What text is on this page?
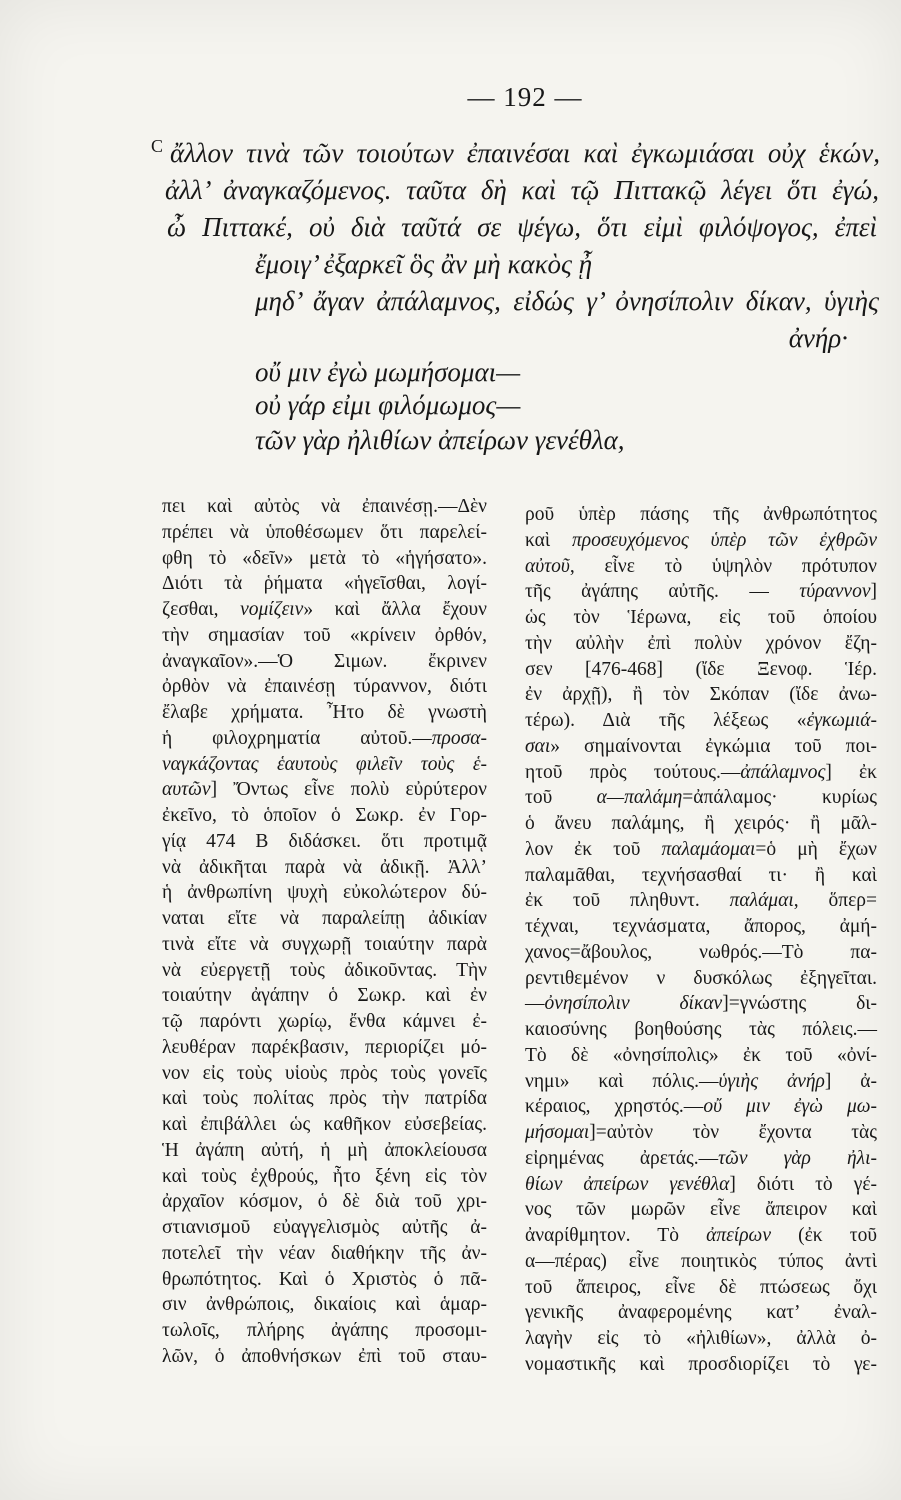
— 192 —
C ἄλλον τινὰ τῶν τοιούτων ἐπαινέσαι καὶ ἐγκωμιάσαι οὐχ ἑκών,
ἀλλ’ ἀναγκαζόμενος. ταῦτα δὴ καὶ τῷ Πιττακῷ λέγει ὅτι ἐγώ,
ὦ Πιττακέ, οὐ διὰ ταῦτά σε ψέγω, ὅτι εἰμὶ φιλόψογος, ἐπεὶ
ἔμοιγ’ ἐξαρκεῖ ὃς ἂν μὴ κακὸς ᾖ
μηδ’ ἄγαν ἀπάλαμνος, εἰδώς γ’ ὀνησίπολιν δίκαν, ὑγιὴς
ἀνήρ·
οὔ μιν ἐγὼ μωμήσομαι—
οὐ γάρ εἰμι φιλόμωμος—
τῶν γὰρ ἠλιθίων ἀπείρων γενέθλα,
πει καὶ αὐτὸς νὰ ἐπαινέσῃ.—Δὲν
πρέπει νὰ ὑποθέσωμεν ὅτι παρελεί-
φθη τὸ «δεῖν» μετὰ τὸ «ἡγήσατο».
Διότι τὰ ῥήματα «ἡγεῖσθαι, λογί-
ζεσθαι, νομίζειν» καὶ ἄλλα ἔχουν
τὴν σημασίαν τοῦ «κρίνειν ὀρθόν,
ἀναγκαῖον».—Ὁ Σιμων. ἔκρινεν
ὀρθὸν νὰ ἐπαινέσῃ τύραννον, διότι
ἔλαβε χρήματα. Ἦτο δὲ γνωστὴ
ἡ φιλοχρηματία αὐτοῦ.—προσα-
ναγκάζοντας ἑαυτοὺς φιλεῖν τοὺς ἑ-
αυτῶν] Ὄντως εἶνε πολὺ εὐρύτερον
ἐκεῖνο, τὸ ὁποῖον ὁ Σωκρ. ἐν Γορ-
γίᾳ 474 Β διδάσκει. ὅτι προτιμᾷ
νὰ ἀδικῆται παρὰ νὰ ἀδικῇ. Ἀλλ’
ἡ ἀνθρωπίνη ψυχὴ εὐκολώτερον δύ-
ναται εἴτε νὰ παραλείπῃ ἀδικίαν
τινὰ εἴτε νὰ συγχωρῇ τοιαύτην παρὰ
νὰ εὐεργετῇ τοὺς ἀδικοῦντας. Τὴν
τοιαύτην ἀγάπην ὁ Σωκρ. καὶ ἐν
τῷ παρόντι χωρίῳ, ἔνθα κάμνει ἐ-
λευθέραν παρέκβασιν, περιορίζει μό-
νον εἰς τοὺς υἱοὺς πρὸς τοὺς γονεῖς
καὶ τοὺς πολίτας πρὸς τὴν πατρίδα
καὶ ἐπιβάλλει ὡς καθῆκον εὐσεβείας.
Ἡ ἀγάπη αὐτή, ἡ μὴ ἀποκλείουσα
καὶ τοὺς ἐχθρούς, ἦτο ξένη εἰς τὸν
ἀρχαῖον κόσμον, ὁ δὲ διὰ τοῦ χρι-
στιανισμοῦ εὐαγγελισμὸς αὐτῆς ἀ-
ποτελεῖ τὴν νέαν διαθήκην τῆς ἀν-
θρωπότητος. Καὶ ὁ Χριστὸς ὁ πᾶ-
σιν ἀνθρώποις, δικαίοις καὶ ἁμαρ-
τωλοῖς, πλήρης ἀγάπης προσομι-
λῶν, ὁ ἀποθνήσκων ἐπὶ τοῦ σταυ-
ροῦ ὑπὲρ πάσης τῆς ἀνθρωπότητος
καὶ προσευχόμενος ὑπὲρ τῶν ἐχθρῶν
αὐτοῦ, εἶνε τὸ ὑψηλὸν πρότυπον
τῆς ἀγάπης αὐτῆς. — τύραννον]
ὡς τὸν Ἱέρωνα, εἰς τοῦ ὁποίου
τὴν αὐλὴν ἐπὶ πολὺν χρόνον ἔζη-
σεν [476-468] (ἴδε Ξενοφ. Ἱέρ.
ἐν ἀρχῇ), ἢ τὸν Σκόπαν (ἴδε ἀνω-
τέρω). Διὰ τῆς λέξεως «ἐγκωμιά-
σαι» σημαίνονται ἐγκώμια τοῦ ποι-
ητοῦ πρὸς τούτους.—ἀπάλαμνος] ἐκ
τοῦ α—παλάμη=ἀπάλαμος· κυρίως
ὁ ἄνευ παλάμης, ἢ χειρός· ἢ μᾶλ-
λον ἐκ τοῦ παλαμάομαι=ὁ μὴ ἔχων
παλαμᾶθαι, τεχνήσασθαί τι· ἢ καὶ
ἐκ τοῦ πληθυντ. παλάμαι, ὅπερ=
τέχναι, τεχνάσματα, ἄπορος, ἀμή-
χανος=ἄβουλος, νωθρός.—Τὸ πα-
ρεντιθεμένον ν δυσκόλως ἐξηγεῖται.
—ὀνησίπολιν δίκαν]=γνώστης δι-
καιοσύνης βοηθούσης τὰς πόλεις.—
Τὸ δὲ «ὀνησίπολις» ἐκ τοῦ «ὀνί-
νημι» καὶ πόλις.—ὑγιὴς ἀνήρ] ἀ-
κέραιος, χρηστός.—οὔ μιν ἐγὼ μω-
μήσομαι]=αὐτὸν τὸν ἔχοντα τὰς
εἰρημένας ἀρετάς.—τῶν γὰρ ἠλι-
θίων ἀπείρων γενέθλα] διότι τὸ γέ-
νος τῶν μωρῶν εἶνε ἄπειρον καὶ
ἀναρίθμητον. Τὸ ἀπείρων (ἐκ τοῦ
α—πέρας) εἶνε ποιητικὸς τύπος ἀντὶ
τοῦ ἄπειρος, εἶνε δὲ πτώσεως ὄχι
γενικῆς ἀναφερομένης κατ’ ἐναλ-
λαγὴν εἰς τὸ «ἠλιθίων», ἀλλὰ ὀ-
νομαστικῆς καὶ προσδιορίζει τὸ γε-
